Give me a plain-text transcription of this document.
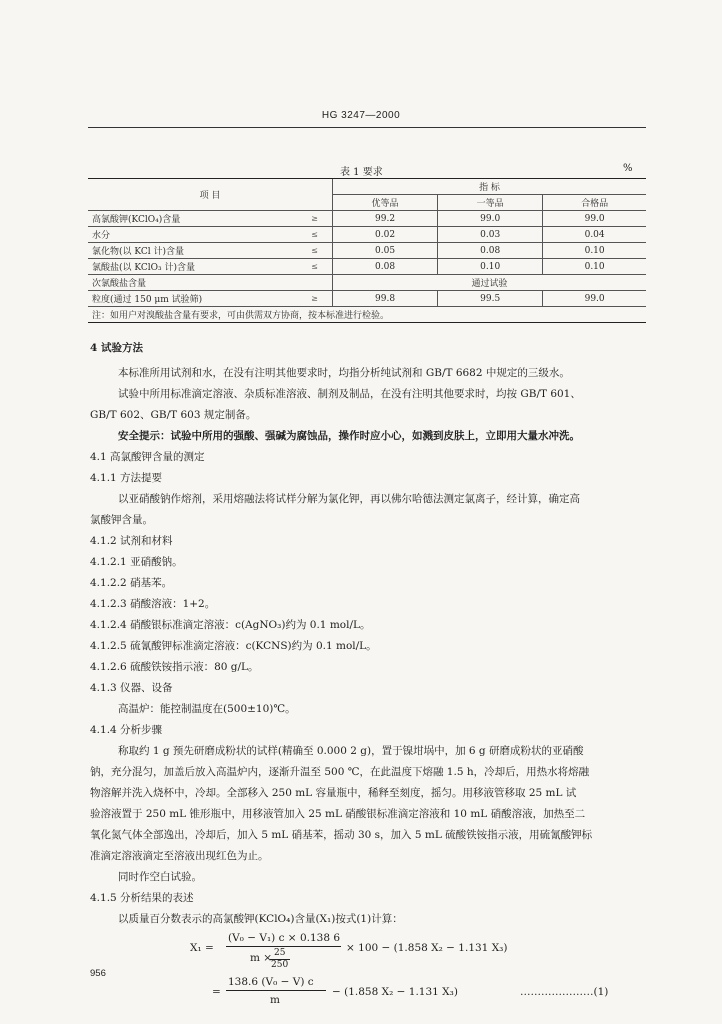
HG 3247—2000
表 1 要求	%
项 目		指 标		
		优等品	一等品	合格品
高氯酸钾(KClO₄)含量	≥	99.2	99.0	99.0
水分	≤	0.02	0.03	0.04
氯化物(以 KCl 计)含量	≤	0.05	0.08	0.10
氯酸盐(以 KClO₃ 计)含量	≤	0.08	0.10	0.10
次氯酸盐含量		通过试验		
粒度(通过 150 μm 试验筛)	≥	99.8	99.5	99.0
注：如用户对溴酸盐含量有要求，可由供需双方协商，按本标准进行检验。				
4 试验方法
本标准所用试剂和水，在没有注明其他要求时，均指分析纯试剂和 GB/T 6682 中规定的三级水。
试验中所用标准滴定溶液、杂质标准溶液、制剂及制品，在没有注明其他要求时，均按 GB/T 601、
GB/T 602、GB/T 603 规定制备。
安全提示：试验中所用的强酸、强碱为腐蚀品，操作时应小心，如溅到皮肤上，立即用大量水冲洗。
4.1 高氯酸钾含量的测定
4.1.1 方法提要
以亚硝酸钠作熔剂，采用熔融法将试样分解为氯化钾，再以佛尔哈德法测定氯离子，经计算，确定高
氯酸钾含量。
4.1.2 试剂和材料
4.1.2.1 亚硝酸钠。
4.1.2.2 硝基苯。
4.1.2.3 硝酸溶液：1+2。
4.1.2.4 硝酸银标准滴定溶液：c(AgNO₃)约为 0.1 mol/L。
4.1.2.5 硫氰酸钾标准滴定溶液：c(KCNS)约为 0.1 mol/L。
4.1.2.6 硫酸铁铵指示液：80 g/L。
4.1.3 仪器、设备
高温炉：能控制温度在(500±10)℃。
4.1.4 分析步骤
称取约 1 g 预先研磨成粉状的试样(精确至 0.000 2 g)，置于镍坩埚中，加 6 g 研磨成粉状的亚硝酸
钠，充分混匀，加盖后放入高温炉内，逐渐升温至 500 ℃，在此温度下熔融 1.5 h，冷却后，用热水将熔融
物溶解并洗入烧杯中，冷却。全部移入 250 mL 容量瓶中，稀释至刻度，摇匀。用移液管移取 25 mL 试
验溶液置于 250 mL 锥形瓶中，用移液管加入 25 mL 硝酸银标准滴定溶液和 10 mL 硝酸溶液，加热至二
氧化氮气体全部逸出，冷却后，加入 5 mL 硝基苯，摇动 30 s，加入 5 mL 硫酸铁铵指示液，用硫氰酸钾标
准滴定溶液滴定至溶液出现红色为止。
同时作空白试验。
4.1.5 分析结果的表述
以质量百分数表示的高氯酸钾(KClO₄)含量(X₁)按式(1)计算：
X₁ =
(V₀ − V₁) c × 0.138 6
m × 25
250
× 100 − (1.858 X₂ − 1.131 X₃)
=
138.6 (V₀ − V) c
m
− (1.858 X₂ − 1.131 X₃)	…………………(1)
956
